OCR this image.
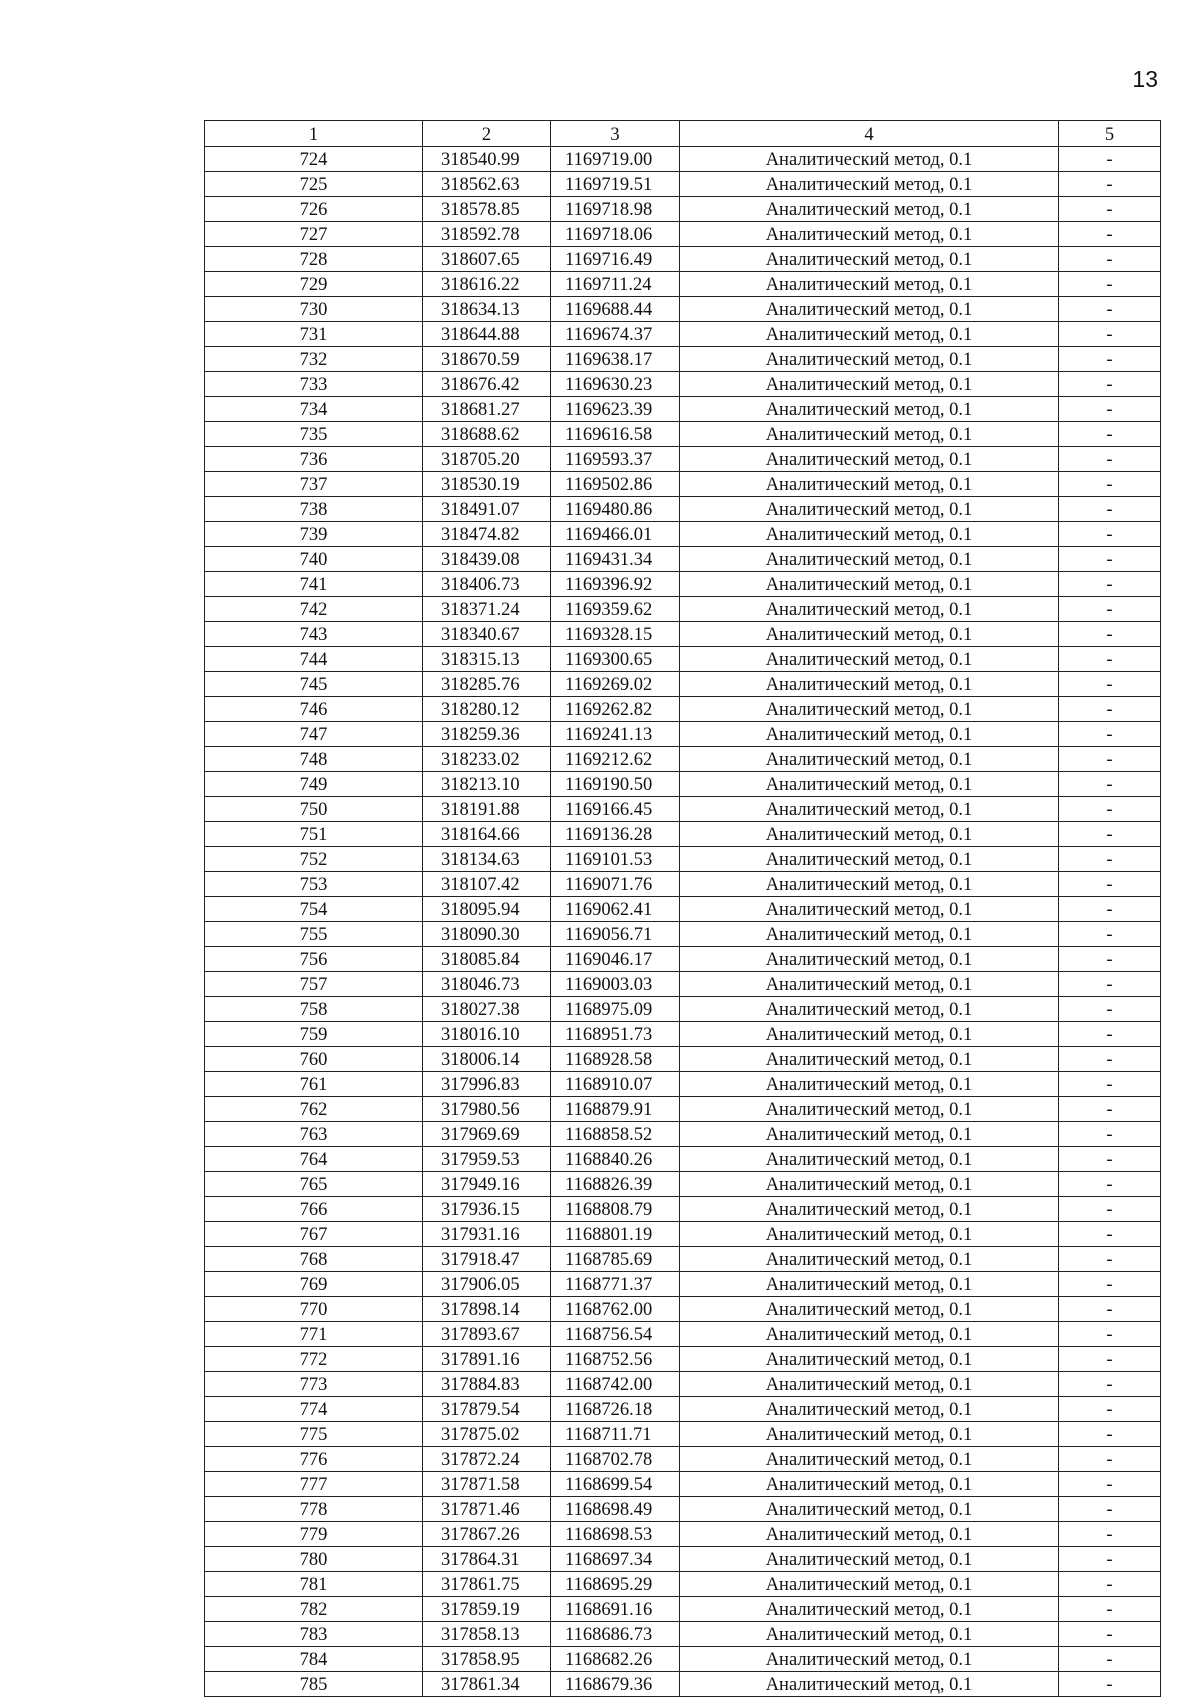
13
1	2	3	4	5
724	318540.99	1169719.00	Аналитический метод, 0.1	-
725	318562.63	1169719.51	Аналитический метод, 0.1	-
726	318578.85	1169718.98	Аналитический метод, 0.1	-
727	318592.78	1169718.06	Аналитический метод, 0.1	-
728	318607.65	1169716.49	Аналитический метод, 0.1	-
729	318616.22	1169711.24	Аналитический метод, 0.1	-
730	318634.13	1169688.44	Аналитический метод, 0.1	-
731	318644.88	1169674.37	Аналитический метод, 0.1	-
732	318670.59	1169638.17	Аналитический метод, 0.1	-
733	318676.42	1169630.23	Аналитический метод, 0.1	-
734	318681.27	1169623.39	Аналитический метод, 0.1	-
735	318688.62	1169616.58	Аналитический метод, 0.1	-
736	318705.20	1169593.37	Аналитический метод, 0.1	-
737	318530.19	1169502.86	Аналитический метод, 0.1	-
738	318491.07	1169480.86	Аналитический метод, 0.1	-
739	318474.82	1169466.01	Аналитический метод, 0.1	-
740	318439.08	1169431.34	Аналитический метод, 0.1	-
741	318406.73	1169396.92	Аналитический метод, 0.1	-
742	318371.24	1169359.62	Аналитический метод, 0.1	-
743	318340.67	1169328.15	Аналитический метод, 0.1	-
744	318315.13	1169300.65	Аналитический метод, 0.1	-
745	318285.76	1169269.02	Аналитический метод, 0.1	-
746	318280.12	1169262.82	Аналитический метод, 0.1	-
747	318259.36	1169241.13	Аналитический метод, 0.1	-
748	318233.02	1169212.62	Аналитический метод, 0.1	-
749	318213.10	1169190.50	Аналитический метод, 0.1	-
750	318191.88	1169166.45	Аналитический метод, 0.1	-
751	318164.66	1169136.28	Аналитический метод, 0.1	-
752	318134.63	1169101.53	Аналитический метод, 0.1	-
753	318107.42	1169071.76	Аналитический метод, 0.1	-
754	318095.94	1169062.41	Аналитический метод, 0.1	-
755	318090.30	1169056.71	Аналитический метод, 0.1	-
756	318085.84	1169046.17	Аналитический метод, 0.1	-
757	318046.73	1169003.03	Аналитический метод, 0.1	-
758	318027.38	1168975.09	Аналитический метод, 0.1	-
759	318016.10	1168951.73	Аналитический метод, 0.1	-
760	318006.14	1168928.58	Аналитический метод, 0.1	-
761	317996.83	1168910.07	Аналитический метод, 0.1	-
762	317980.56	1168879.91	Аналитический метод, 0.1	-
763	317969.69	1168858.52	Аналитический метод, 0.1	-
764	317959.53	1168840.26	Аналитический метод, 0.1	-
765	317949.16	1168826.39	Аналитический метод, 0.1	-
766	317936.15	1168808.79	Аналитический метод, 0.1	-
767	317931.16	1168801.19	Аналитический метод, 0.1	-
768	317918.47	1168785.69	Аналитический метод, 0.1	-
769	317906.05	1168771.37	Аналитический метод, 0.1	-
770	317898.14	1168762.00	Аналитический метод, 0.1	-
771	317893.67	1168756.54	Аналитический метод, 0.1	-
772	317891.16	1168752.56	Аналитический метод, 0.1	-
773	317884.83	1168742.00	Аналитический метод, 0.1	-
774	317879.54	1168726.18	Аналитический метод, 0.1	-
775	317875.02	1168711.71	Аналитический метод, 0.1	-
776	317872.24	1168702.78	Аналитический метод, 0.1	-
777	317871.58	1168699.54	Аналитический метод, 0.1	-
778	317871.46	1168698.49	Аналитический метод, 0.1	-
779	317867.26	1168698.53	Аналитический метод, 0.1	-
780	317864.31	1168697.34	Аналитический метод, 0.1	-
781	317861.75	1168695.29	Аналитический метод, 0.1	-
782	317859.19	1168691.16	Аналитический метод, 0.1	-
783	317858.13	1168686.73	Аналитический метод, 0.1	-
784	317858.95	1168682.26	Аналитический метод, 0.1	-
785	317861.34	1168679.36	Аналитический метод, 0.1	-
